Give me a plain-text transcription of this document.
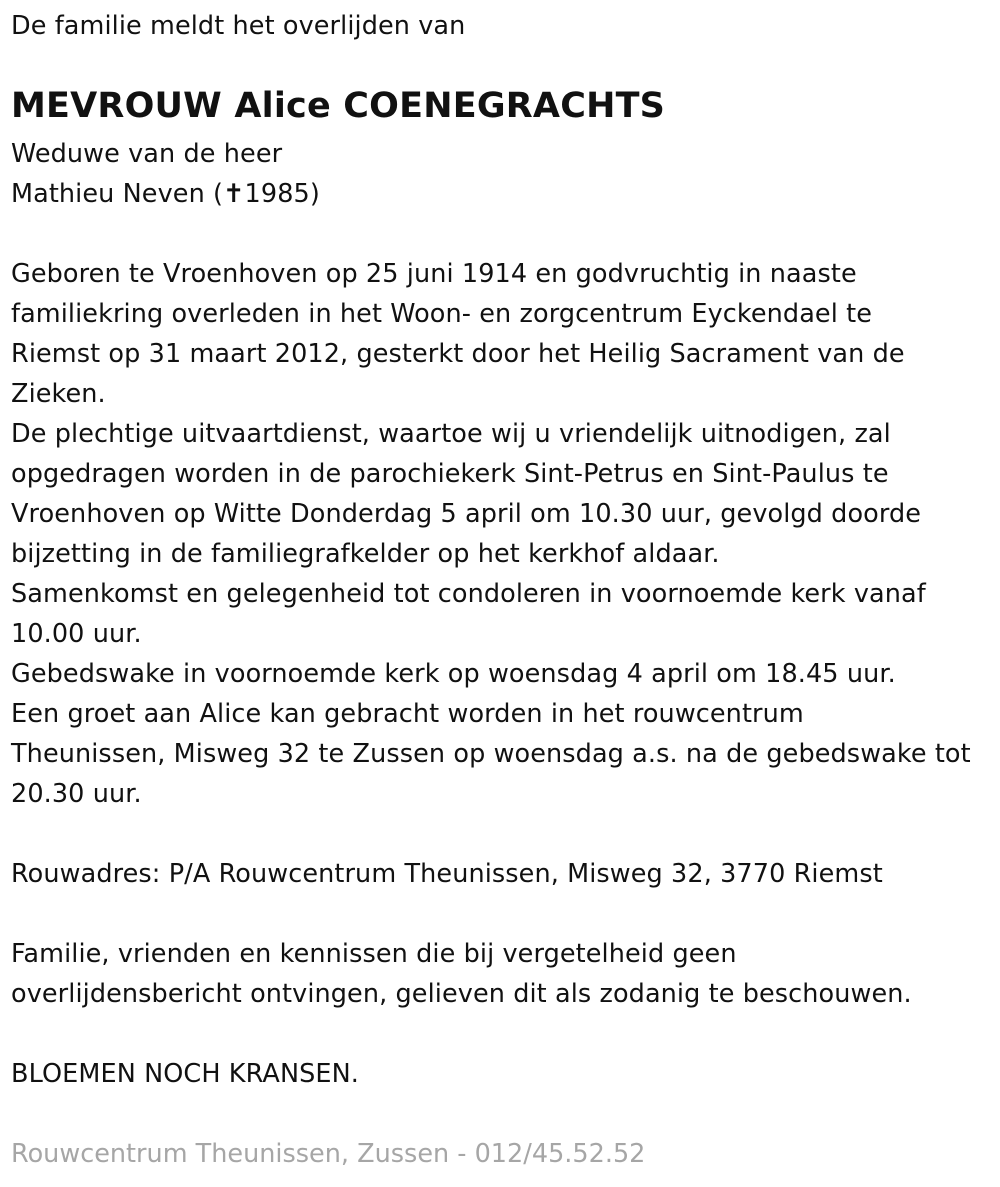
De familie meldt het overlijden van
MEVROUW Alice COENEGRACHTS
Weduwe van de heer
Mathieu Neven (✝1985)
Geboren te Vroenhoven op 25 juni 1914 en godvruchtig in naaste
familiekring overleden in het Woon- en zorgcentrum Eyckendael te
Riemst op 31 maart 2012, gesterkt door het Heilig Sacrament van de
Zieken.
De plechtige uitvaartdienst, waartoe wij u vriendelijk uitnodigen, zal
opgedragen worden in de parochiekerk Sint-Petrus en Sint-Paulus te
Vroenhoven op Witte Donderdag 5 april om 10.30 uur, gevolgd doorde
bijzetting in de familiegrafkelder op het kerkhof aldaar.
Samenkomst en gelegenheid tot condoleren in voornoemde kerk vanaf
10.00 uur.
Gebedswake in voornoemde kerk op woensdag 4 april om 18.45 uur.
Een groet aan Alice kan gebracht worden in het rouwcentrum
Theunissen, Misweg 32 te Zussen op woensdag a.s. na de gebedswake tot
20.30 uur.
Rouwadres: P/A Rouwcentrum Theunissen, Misweg 32, 3770 Riemst
Familie, vrienden en kennissen die bij vergetelheid geen
overlijdensbericht ontvingen, gelieven dit als zodanig te beschouwen.
BLOEMEN NOCH KRANSEN.
Rouwcentrum Theunissen, Zussen - 012/45.52.52
